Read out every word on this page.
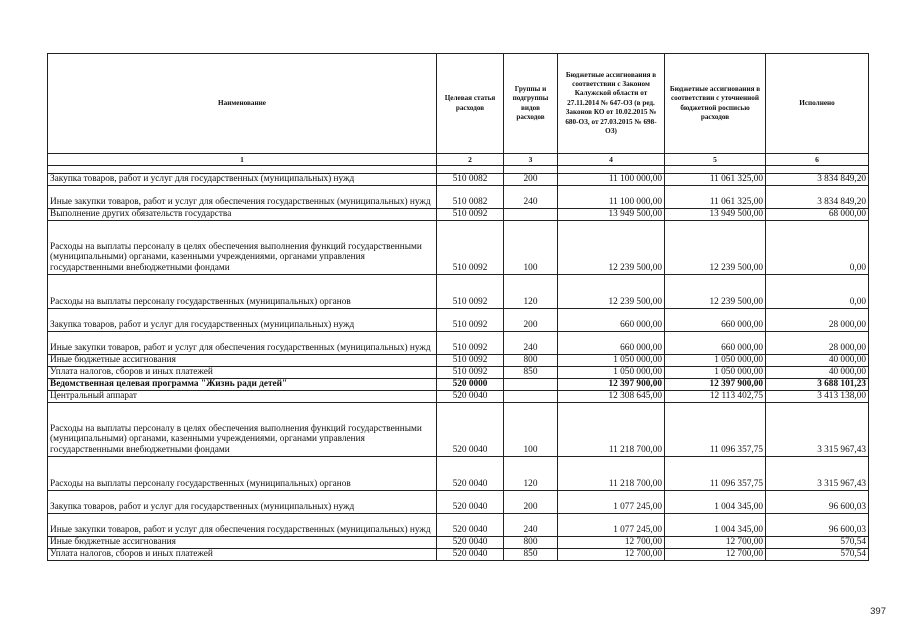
Наименование	Целевая статья расходов	Группы и подгруппы видов расходов	Бюджетные ассигнования в соответствии с Законом Калужской области от 27.11.2014 № 647-ОЗ (в ред. Законов КО от 10.02.2015 № 680-ОЗ, от 27.03.2015 № 698-ОЗ)	Бюджетные ассигнования в соответствии с уточненной бюджетной росписью расходов	Исполнено
1	2	3	4	5	6

Закупка товаров, работ и услуг для государственных (муниципальных) нужд	510 0082	200	11 100 000,00	11 061 325,00	3 834 849,20
Иные закупки товаров, работ и услуг для обеспечения государственных (муниципальных) нужд	510 0082	240	11 100 000,00	11 061 325,00	3 834 849,20
Выполнение других обязательств государства	510 0092		13 949 500,00	13 949 500,00	68 000,00
Расходы на выплаты персоналу в целях обеспечения выполнения функций государственными (муниципальными) органами, казенными учреждениями, органами управления государственными внебюджетными фондами	510 0092	100	12 239 500,00	12 239 500,00	0,00
Расходы на выплаты персоналу государственных (муниципальных) органов	510 0092	120	12 239 500,00	12 239 500,00	0,00
Закупка товаров, работ и услуг для государственных (муниципальных) нужд	510 0092	200	660 000,00	660 000,00	28 000,00
Иные закупки товаров, работ и услуг для обеспечения государственных (муниципальных) нужд	510 0092	240	660 000,00	660 000,00	28 000,00
Иные бюджетные ассигнования	510 0092	800	1 050 000,00	1 050 000,00	40 000,00
Уплата налогов, сборов и иных платежей	510 0092	850	1 050 000,00	1 050 000,00	40 000,00
Ведомственная целевая программа "Жизнь ради детей"	520 0000		12 397 900,00	12 397 900,00	3 688 101,23
Центральный аппарат	520 0040		12 308 645,00	12 113 402,75	3 413 138,00
Расходы на выплаты персоналу в целях обеспечения выполнения функций государственными (муниципальными) органами, казенными учреждениями, органами управления государственными внебюджетными фондами	520 0040	100	11 218 700,00	11 096 357,75	3 315 967,43
Расходы на выплаты персоналу государственных (муниципальных) органов	520 0040	120	11 218 700,00	11 096 357,75	3 315 967,43
Закупка товаров, работ и услуг для государственных (муниципальных) нужд	520 0040	200	1 077 245,00	1 004 345,00	96 600,03
Иные закупки товаров, работ и услуг для обеспечения государственных (муниципальных) нужд	520 0040	240	1 077 245,00	1 004 345,00	96 600,03
Иные бюджетные ассигнования	520 0040	800	12 700,00	12 700,00	570,54
Уплата налогов, сборов и иных платежей	520 0040	850	12 700,00	12 700,00	570,54
397
